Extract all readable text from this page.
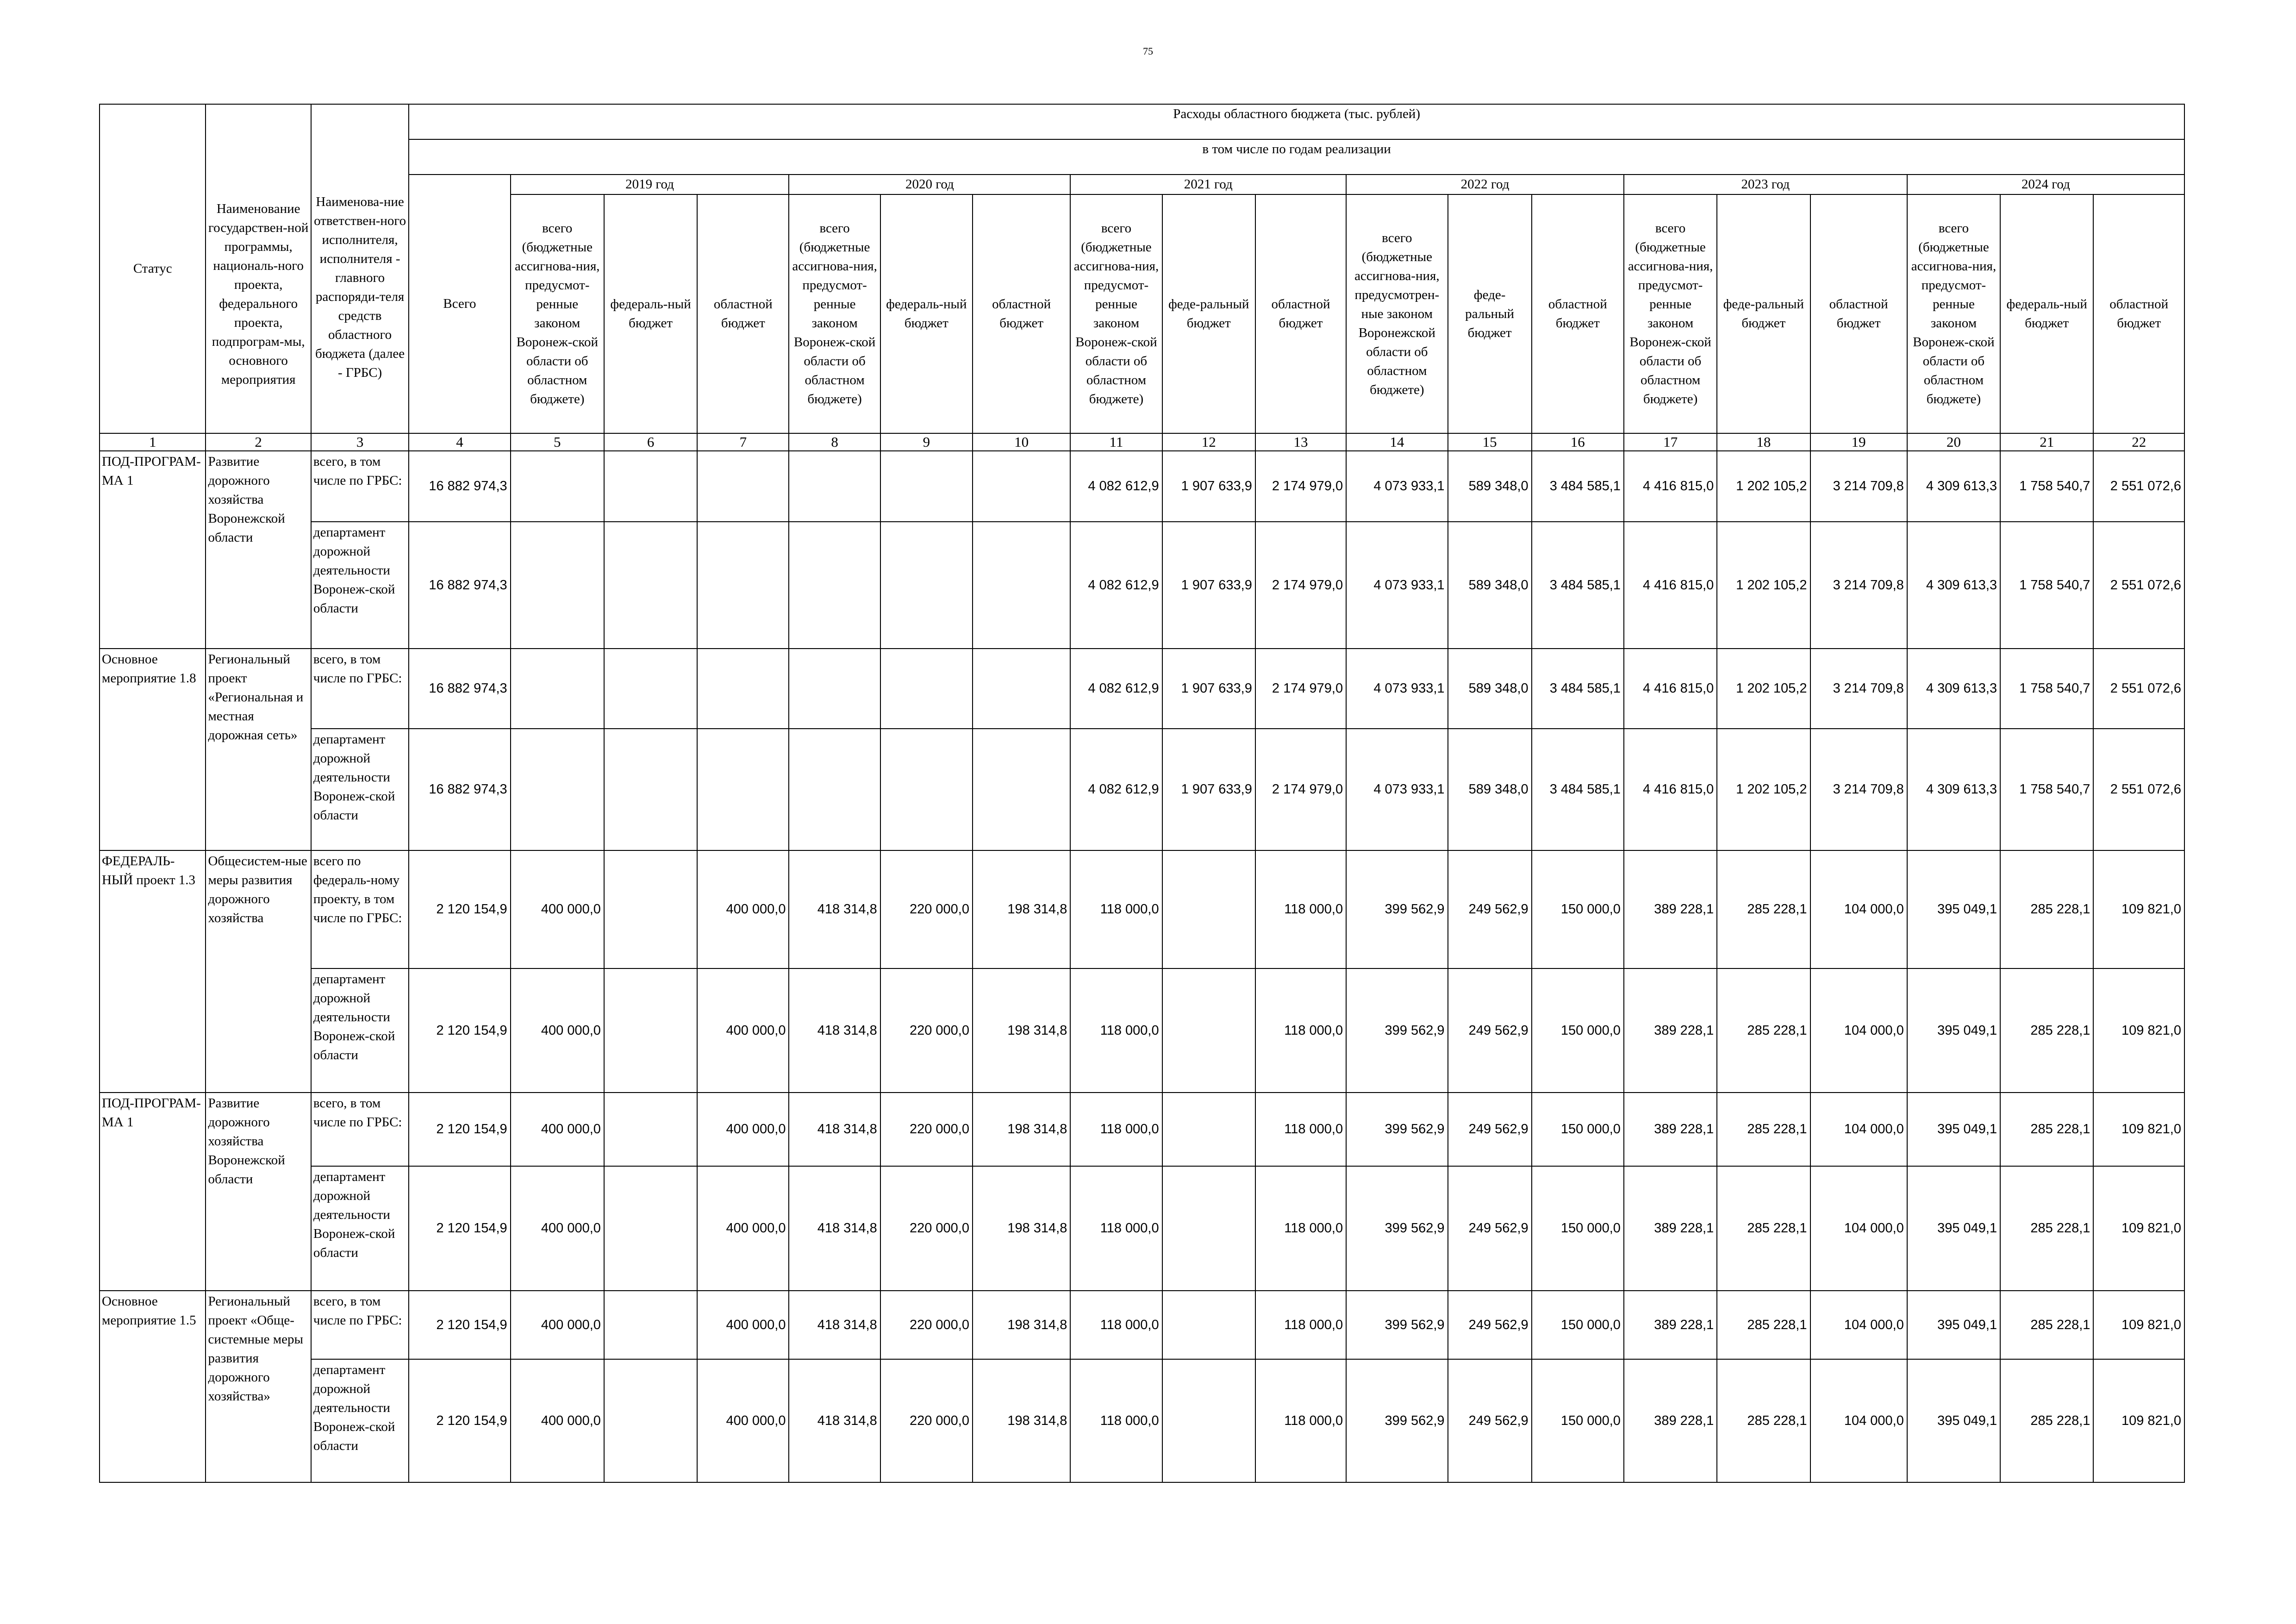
75
Статус	Наименование государствен-ной программы, националь-ного проекта, федерального проекта, подпрограм-мы, основного мероприятия	Наименова-ние ответствен-ного исполнителя, исполнителя - главного распоряди-теля средств областного бюджета (далее - ГРБС)	Расходы областного бюджета (тыс. рублей)																		
			в том числе по годам реализации																		
			Всего	2019 год			2020 год			2021 год			2022 год			2023 год			2024 год		
				всего (бюджетные ассигнова-ния, предусмот-ренные законом Воронеж-ской области об областном бюджете)	федераль-ный бюджет	областной бюджет	всего (бюджетные ассигнова-ния, предусмот-ренные законом Воронеж-ской области об областном бюджете)	федераль-ный бюджет	областной бюджет	всего (бюджетные ассигнова-ния, предусмот-ренные законом Воронеж-ской области об областном бюджете)	феде-ральный бюджет	областной бюджет	всего (бюджетные ассигнова-ния, предусмотрен-ные законом Воронежской области об областном бюджете)	феде-ральный бюджет	областной бюджет	всего (бюджетные ассигнова-ния, предусмот-ренные законом Воронеж-ской области об областном бюджете)	феде-ральный бюджет	областной бюджет	всего (бюджетные ассигнова-ния, предусмот-ренные законом Воронеж-ской области об областном бюджете)	федераль-ный бюджет	областной бюджет
1	2	3	4	5	6	7	8	9	10	11	12	13	14	15	16	17	18	19	20	21	22
ПОД-ПРОГРАМ-МА 1	Развитие дорожного хозяйства Воронежской области	всего, в том числе по ГРБС:	16 882 974,3							4 082 612,9	1 907 633,9	2 174 979,0	4 073 933,1	589 348,0	3 484 585,1	4 416 815,0	1 202 105,2	3 214 709,8	4 309 613,3	1 758 540,7	2 551 072,6
		департамент дорожной деятельности Воронеж-ской области	16 882 974,3							4 082 612,9	1 907 633,9	2 174 979,0	4 073 933,1	589 348,0	3 484 585,1	4 416 815,0	1 202 105,2	3 214 709,8	4 309 613,3	1 758 540,7	2 551 072,6
Основное мероприятие 1.8	Региональный проект «Региональная и местная дорожная сеть»	всего, в том числе по ГРБС:	16 882 974,3							4 082 612,9	1 907 633,9	2 174 979,0	4 073 933,1	589 348,0	3 484 585,1	4 416 815,0	1 202 105,2	3 214 709,8	4 309 613,3	1 758 540,7	2 551 072,6
		департамент дорожной деятельности Воронеж-ской области	16 882 974,3							4 082 612,9	1 907 633,9	2 174 979,0	4 073 933,1	589 348,0	3 484 585,1	4 416 815,0	1 202 105,2	3 214 709,8	4 309 613,3	1 758 540,7	2 551 072,6
ФЕДЕРАЛЬ-НЫЙ проект 1.3	Общесистем-ные меры развития дорожного хозяйства	всего по федераль-ному проекту, в том числе по ГРБС:	2 120 154,9	400 000,0		400 000,0	418 314,8	220 000,0	198 314,8	118 000,0		118 000,0	399 562,9	249 562,9	150 000,0	389 228,1	285 228,1	104 000,0	395 049,1	285 228,1	109 821,0
		департамент дорожной деятельности Воронеж-ской области	2 120 154,9	400 000,0		400 000,0	418 314,8	220 000,0	198 314,8	118 000,0		118 000,0	399 562,9	249 562,9	150 000,0	389 228,1	285 228,1	104 000,0	395 049,1	285 228,1	109 821,0
ПОД-ПРОГРАМ-МА 1	Развитие дорожного хозяйства Воронежской области	всего, в том числе по ГРБС:	2 120 154,9	400 000,0		400 000,0	418 314,8	220 000,0	198 314,8	118 000,0		118 000,0	399 562,9	249 562,9	150 000,0	389 228,1	285 228,1	104 000,0	395 049,1	285 228,1	109 821,0
		департамент дорожной деятельности Воронеж-ской области	2 120 154,9	400 000,0		400 000,0	418 314,8	220 000,0	198 314,8	118 000,0		118 000,0	399 562,9	249 562,9	150 000,0	389 228,1	285 228,1	104 000,0	395 049,1	285 228,1	109 821,0
Основное мероприятие 1.5	Региональный проект «Обще-системные меры развития дорожного хозяйства»	всего, в том числе по ГРБС:	2 120 154,9	400 000,0		400 000,0	418 314,8	220 000,0	198 314,8	118 000,0		118 000,0	399 562,9	249 562,9	150 000,0	389 228,1	285 228,1	104 000,0	395 049,1	285 228,1	109 821,0
		департамент дорожной деятельности Воронеж-ской области	2 120 154,9	400 000,0		400 000,0	418 314,8	220 000,0	198 314,8	118 000,0		118 000,0	399 562,9	249 562,9	150 000,0	389 228,1	285 228,1	104 000,0	395 049,1	285 228,1	109 821,0
